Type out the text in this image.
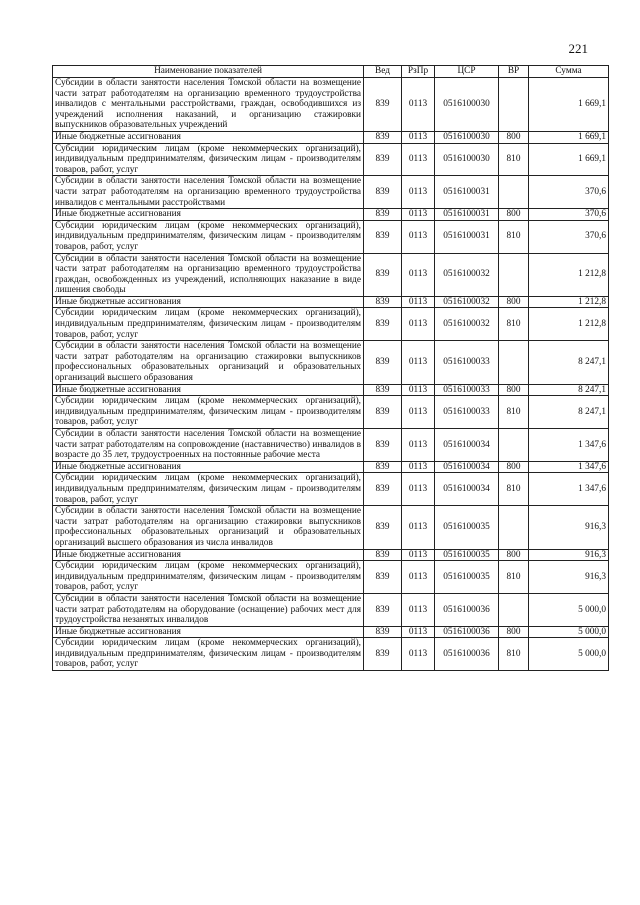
221
Наименование показателей	Вед	РзПр	ЦСР	ВР	Сумма
Субсидии в области занятости населения Томской области на возмещение части затрат работодателям на организацию временного трудоустройства инвалидов с ментальными расстройствами, граждан, освободившихся из учреждений исполнения наказаний, и организацию стажировки выпускников образовательных учреждений	839	0113	0516100030		1 669,1
Иные бюджетные ассигнования	839	0113	0516100030	800	1 669,1
Субсидии юридическим лицам (кроме некоммерческих организаций), индивидуальным предпринимателям, физическим лицам - производителям товаров, работ, услуг	839	0113	0516100030	810	1 669,1
Субсидии в области занятости населения Томской области на возмещение части затрат работодателям на организацию временного трудоустройства инвалидов с ментальными расстройствами	839	0113	0516100031		370,6
Иные бюджетные ассигнования	839	0113	0516100031	800	370,6
Субсидии юридическим лицам (кроме некоммерческих организаций), индивидуальным предпринимателям, физическим лицам - производителям товаров, работ, услуг	839	0113	0516100031	810	370,6
Субсидии в области занятости населения Томской области на возмещение части затрат работодателям на организацию временного трудоустройства граждан, освобожденных из учреждений, исполняющих наказание в виде лишения свободы	839	0113	0516100032		1 212,8
Иные бюджетные ассигнования	839	0113	0516100032	800	1 212,8
Субсидии юридическим лицам (кроме некоммерческих организаций), индивидуальным предпринимателям, физическим лицам - производителям товаров, работ, услуг	839	0113	0516100032	810	1 212,8
Субсидии в области занятости населения Томской области на возмещение части затрат работодателям на организацию стажировки выпускников профессиональных образовательных организаций и образовательных организаций высшего образования	839	0113	0516100033		8 247,1
Иные бюджетные ассигнования	839	0113	0516100033	800	8 247,1
Субсидии юридическим лицам (кроме некоммерческих организаций), индивидуальным предпринимателям, физическим лицам - производителям товаров, работ, услуг	839	0113	0516100033	810	8 247,1
Субсидии в области занятости населения Томской области на возмещение части затрат работодателям на сопровождение (наставничество) инвалидов в возрасте до 35 лет, трудоустроенных на постоянные рабочие места	839	0113	0516100034		1 347,6
Иные бюджетные ассигнования	839	0113	0516100034	800	1 347,6
Субсидии юридическим лицам (кроме некоммерческих организаций), индивидуальным предпринимателям, физическим лицам - производителям товаров, работ, услуг	839	0113	0516100034	810	1 347,6
Субсидии в области занятости населения Томской области на возмещение части затрат работодателям на организацию стажировки выпускников профессиональных образовательных организаций и образовательных организаций высшего образования из числа инвалидов	839	0113	0516100035		916,3
Иные бюджетные ассигнования	839	0113	0516100035	800	916,3
Субсидии юридическим лицам (кроме некоммерческих организаций), индивидуальным предпринимателям, физическим лицам - производителям товаров, работ, услуг	839	0113	0516100035	810	916,3
Субсидии в области занятости населения Томской области на возмещение части затрат работодателям на оборудование (оснащение) рабочих мест для трудоустройства незанятых инвалидов	839	0113	0516100036		5 000,0
Иные бюджетные ассигнования	839	0113	0516100036	800	5 000,0
Субсидии юридическим лицам (кроме некоммерческих организаций), индивидуальным предпринимателям, физическим лицам - производителям товаров, работ, услуг	839	0113	0516100036	810	5 000,0
